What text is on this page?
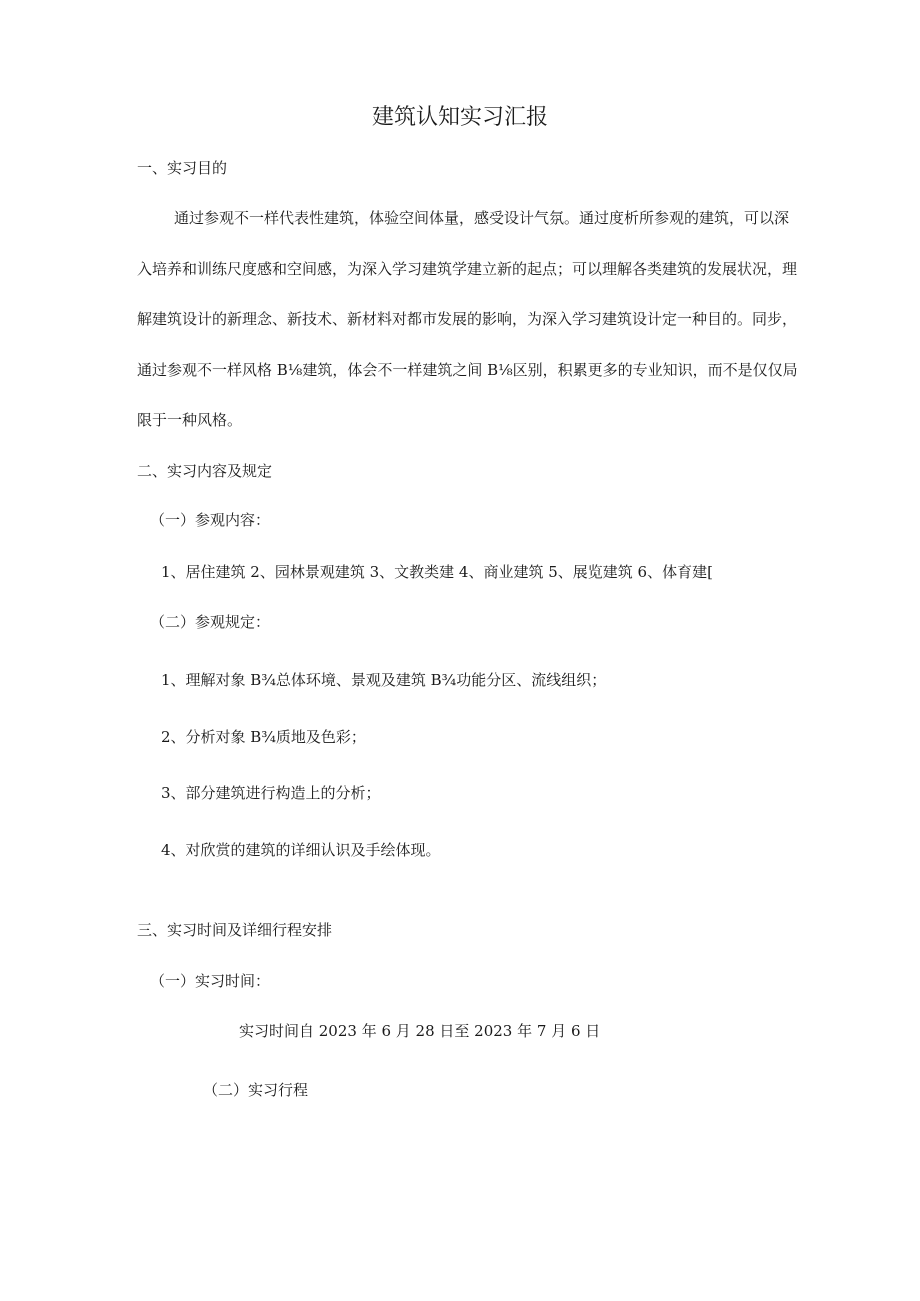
建筑认知实习汇报
一、实习目的
通过参观不一样代表性建筑，体验空间体量，感受设计气氛。通过度析所参观的建筑，可以深
入培养和训练尺度感和空间感，为深入学习建筑学建立新的起点；可以理解各类建筑的发展状况，理
解建筑设计的新理念、新技术、新材料对都市发展的影响，为深入学习建筑设计定一种目的。同步，
通过参观不一样风格 B⅛建筑，体会不一样建筑之间 B⅛区别，积累更多的专业知识，而不是仅仅局
限于一种风格。
二、实习内容及规定
（一）参观内容：
1、居住建筑 2、园林景观建筑 3、文教类建 4、商业建筑 5、展览建筑 6、体育建[
（二）参观规定：
1、理解对象 B¾总体环境、景观及建筑 B¾功能分区、流线组织；
2、分析对象 B¾质地及色彩；
3、部分建筑进行构造上的分析；
4、对欣赏的建筑的详细认识及手绘体现。
三、实习时间及详细行程安排
（一）实习时间：
实习时间自 2023 年 6 月 28 日至 2023 年 7 月 6 日
（二）实习行程
